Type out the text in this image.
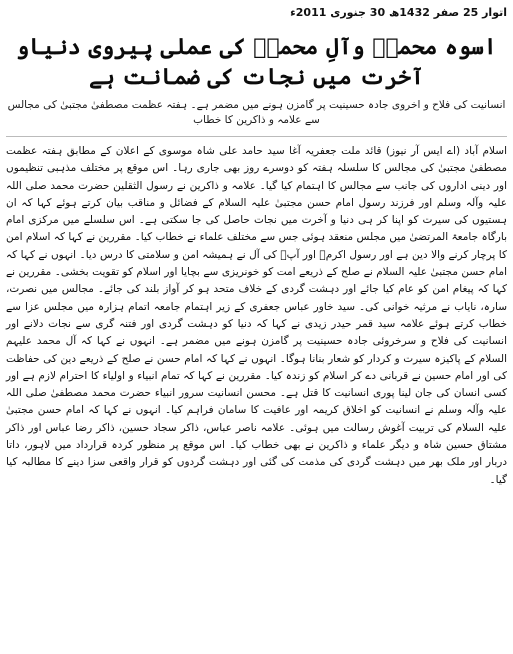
اتوار 25 صفر 1432ھ 30 جنوری 2011ء
اسوہ محمدؐ وآلِ محمدؐ کی عملی پیروی دنیاو آخرت میں نجات کی ضمانت ہے
انسانیت کی فلاح و اخروی جادہ حسینیت پر گامزن ہونے میں مضمر ہے۔ ہفتہ عظمت مصطفیٰ مجتبیٰ کی مجالس سے علامہ و ذاکرین کا خطاب
اسلام آباد (اے ایس آر نیوز) قائد ملت جعفریہ آغا سید حامد علی شاہ موسوی کے اعلان کے مطابق ہفتہ عظمت مصطفیٰ مجتبیٰ کی مجالس کا سلسلہ ہفتہ کو دوسرے روز بھی جاری رہا۔ اس موقع پر مختلف مذہبی تنظیموں اور دینی اداروں کی جانب سے مجالس کا اہتمام کیا گیا۔ علامہ و ذاکرین نے رسول الثقلین حضرت محمد صلی اللہ علیہ وآلہ وسلم اور فرزند رسول امام حسن مجتبیٰ علیہ السلام کے فضائل و مناقب بیان کرتے ہوئے کہا کہ ان ہستیوں کی سیرت کو اپنا کر ہی دنیا و آخرت میں نجات حاصل کی جا سکتی ہے۔ اس سلسلے میں مرکزی امام بارگاہ جامعۃ المرتضیٰ میں مجلس منعقد ہوئی جس سے مختلف علماء نے خطاب کیا۔ مقررین نے کہا کہ اسلام امن کا پرچار کرنے والا دین ہے اور رسول اکرمؐ اور آپؐ کی آل نے ہمیشہ امن و سلامتی کا درس دیا۔ انہوں نے کہا کہ امام حسن مجتبیٰ علیہ السلام نے صلح کے ذریعے امت کو خونریزی سے بچایا اور اسلام کو تقویت بخشی۔ مقررین نے کہا کہ پیغام امن کو عام کیا جائے اور دہشت گردی کے خلاف متحد ہو کر آواز بلند کی جائے۔ مجالس میں نصرت، سارہ، نایاب نے مرثیہ خوانی کی۔ سید خاور عباس جعفری کے زیر اہتمام جامعہ اتمام ہزارہ میں مجلس عزا سے خطاب کرتے ہوئے علامہ سید قمر حیدر زیدی نے کہا کہ دنیا کو دہشت گردی اور فتنہ گری سے نجات دلانے اور انسانیت کی فلاح و سرخروئی جادہ حسینیت پر گامزن ہونے میں مضمر ہے۔ انہوں نے کہا کہ آل محمد علیہم السلام کے پاکیزہ سیرت و کردار کو شعار بنانا ہوگا۔ انہوں نے کہا کہ امام حسن نے صلح کے ذریعے دین کی حفاظت کی اور امام حسین نے قربانی دے کر اسلام کو زندہ کیا۔ مقررین نے کہا کہ تمام انبیاء و اولیاء کا احترام لازم ہے اور کسی انسان کی جان لینا پوری انسانیت کا قتل ہے۔ محسن انسانیت سرور انبیاء حضرت محمد مصطفیٰ صلی اللہ علیہ وآلہ وسلم نے انسانیت کو اخلاق کریمہ اور عافیت کا سامان فراہم کیا۔ انہوں نے کہا کہ امام حسن مجتبیٰ علیہ السلام کی تربیت آغوش رسالت میں ہوئی۔ علامہ ناصر عباس، ذاکر سجاد حسین، ذاکر رضا عباس اور ذاکر مشتاق حسین شاہ و دیگر علماء و ذاکرین نے بھی خطاب کیا۔ اس موقع پر منظور کردہ قرارداد میں لاہور، داتا دربار اور ملک بھر میں دہشت گردی کی مذمت کی گئی اور دہشت گردوں کو قرار واقعی سزا دینے کا مطالبہ کیا گیا۔
